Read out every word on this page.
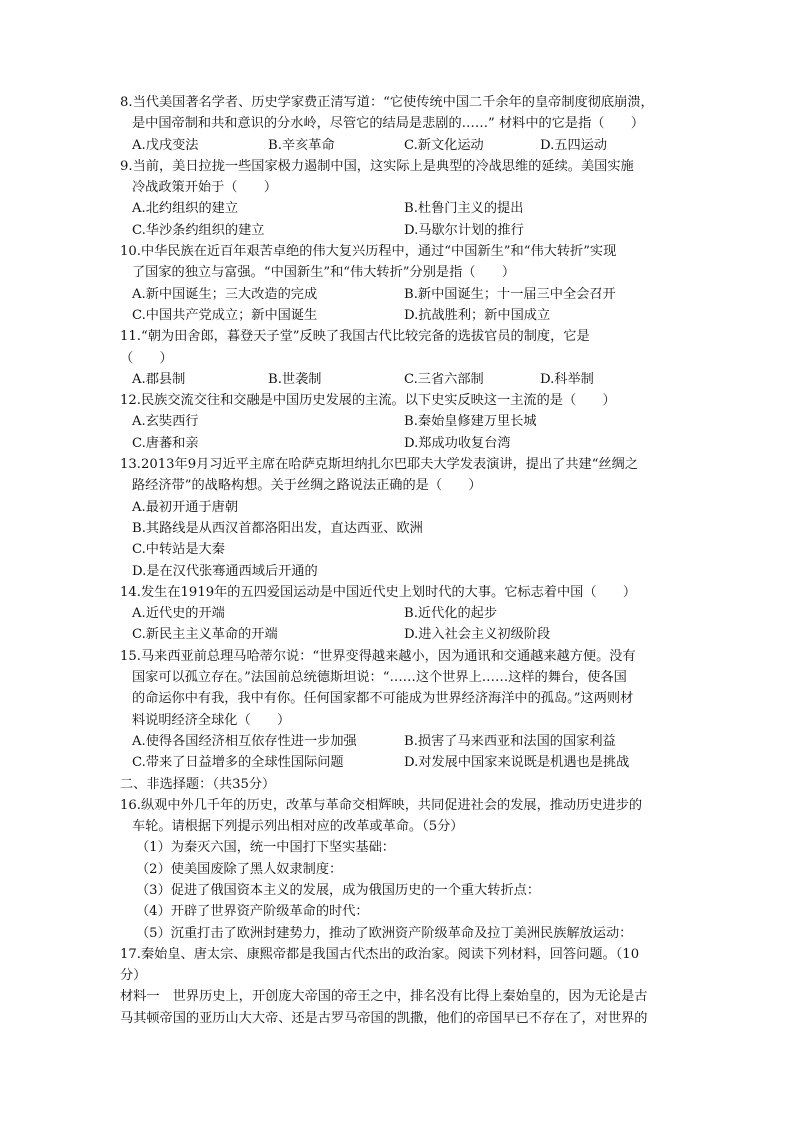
8.当代美国著名学者、历史学家费正清写道：“它使传统中国二千余年的皇帝制度彻底崩溃，
是中国帝制和共和意识的分水岭，尽管它的结局是悲剧的……” 材料中的它是指（　　）
A.戊戌变法	B.辛亥革命	C.新文化运动	D.五四运动
9.当前，美日拉拢一些国家极力遏制中国，这实际上是典型的冷战思维的延续。美国实施
冷战政策开始于（　　）
A.北约组织的建立	B.杜鲁门主义的提出
C.华沙条约组织的建立	D.马歇尔计划的推行
10.中华民族在近百年艰苦卓绝的伟大复兴历程中，通过“中国新生”和“伟大转折”实现
了国家的独立与富强。“中国新生”和“伟大转折”分别是指（　　）
A.新中国诞生；三大改造的完成	B.新中国诞生；十一届三中全会召开
C.中国共产党成立；新中国诞生	D.抗战胜利；新中国成立
11.“朝为田舍郎，暮登天子堂”反映了我国古代比较完备的选拔官员的制度，它是
（　　）
A.郡县制	B.世袭制	C.三省六部制	D.科举制
12.民族交流交往和交融是中国历史发展的主流。以下史实反映这一主流的是（　　）
A.玄奘西行	B.秦始皇修建万里长城
C.唐蕃和亲	D.郑成功收复台湾
13.2013年9月习近平主席在哈萨克斯坦纳扎尔巴耶夫大学发表演讲，提出了共建“丝绸之
路经济带”的战略构想。关于丝绸之路说法正确的是（　　）
A.最初开通于唐朝
B.其路线是从西汉首都洛阳出发，直达西亚、欧洲
C.中转站是大秦
D.是在汉代张骞通西域后开通的
14.发生在1919年的五四爱国运动是中国近代史上划时代的大事。它标志着中国（　　）
A.近代史的开端	B.近代化的起步
C.新民主主义革命的开端	D.进入社会主义初级阶段
15.马来西亚前总理马哈蒂尔说：“世界变得越来越小，因为通讯和交通越来越方便。没有
国家可以孤立存在。”法国前总统德斯坦说：“……这个世界上……这样的舞台，使各国
的命运你中有我，我中有你。任何国家都不可能成为世界经济海洋中的孤岛。”这两则材
料说明经济全球化（　　）
A.使得各国经济相互依存性进一步加强	B.损害了马来西亚和法国的国家利益
C.带来了日益增多的全球性国际问题	D.对发展中国家来说既是机遇也是挑战
二、非选择题：（共35分）
16.纵观中外几千年的历史，改革与革命交相辉映，共同促进社会的发展，推动历史进步的
车轮。请根据下列提示列出相对应的改革或革命。（5分）
（1）为秦灭六国，统一中国打下坚实基础：
（2）使美国废除了黑人奴隶制度：
（3）促进了俄国资本主义的发展，成为俄国历史的一个重大转折点：
（4）开辟了世界资产阶级革命的时代：
（5）沉重打击了欧洲封建势力，推动了欧洲资产阶级革命及拉丁美洲民族解放运动：
17.秦始皇、唐太宗、康熙帝都是我国古代杰出的政治家。阅读下列材料，回答问题。（10
分）
材料一　世界历史上，开创庞大帝国的帝王之中，排名没有比得上秦始皇的，因为无论是古
马其顿帝国的亚历山大大帝、还是古罗马帝国的凯撒，他们的帝国早已不存在了，对世界的
